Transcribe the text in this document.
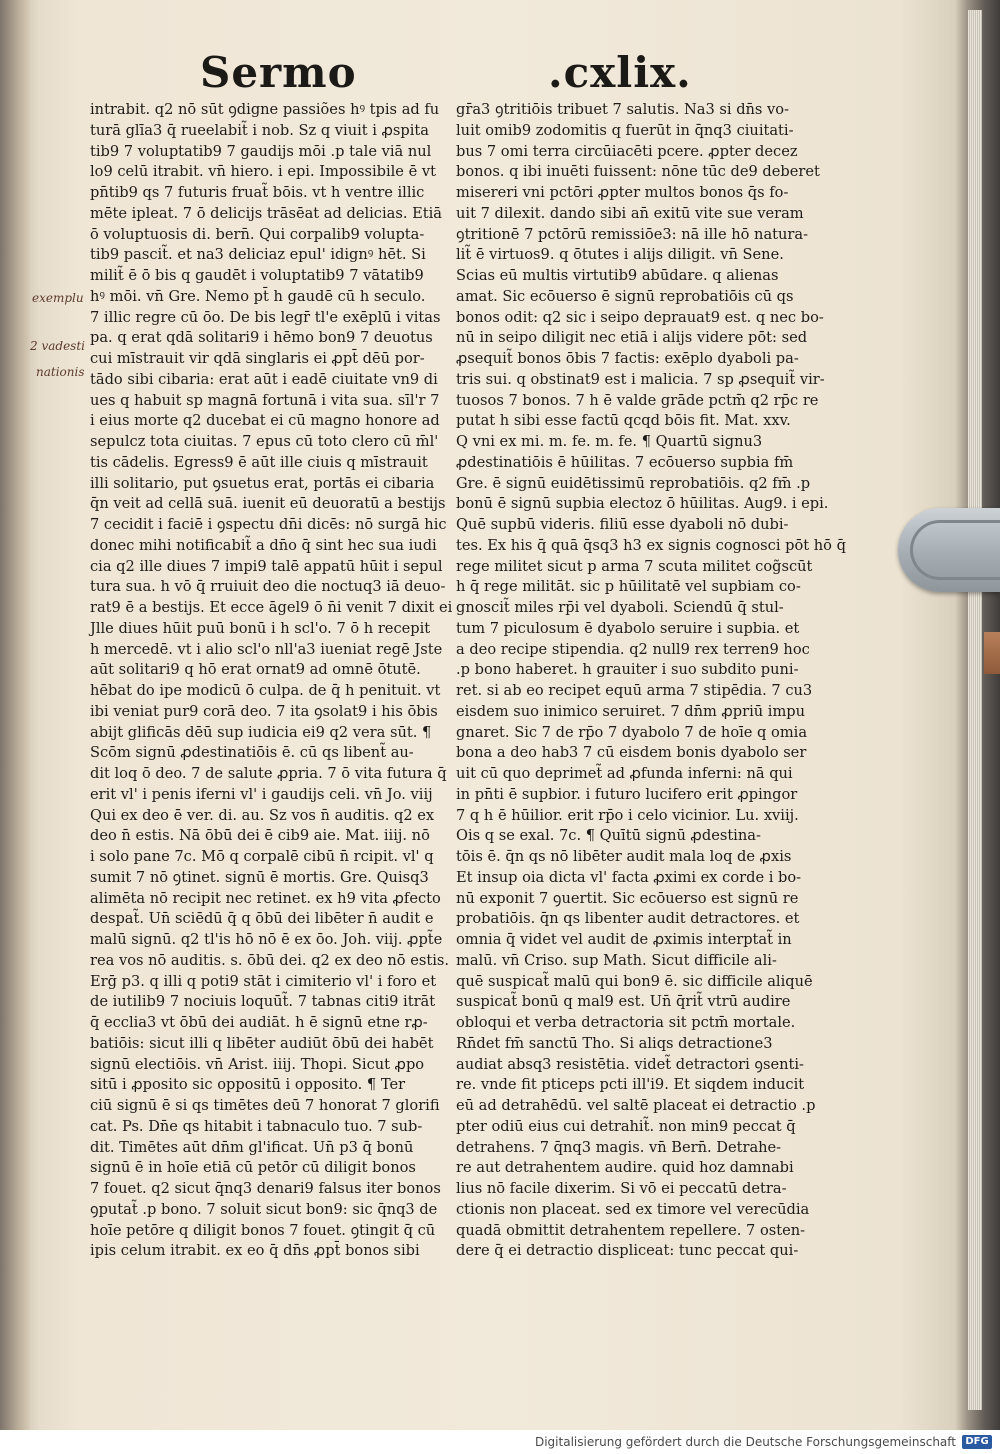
Sermo	.cxlix.
exemplu
2 vadesti
nationis
intrabit. q2 nō sūt ꝯdigne passiões hꝰ tpis ad fu
turā glīa3 q̄ rueelabit̃ i nob. Sz q viuit i ꝓspita
tib9 7 voluptatib9 7 gaudijs mōi .p tale viā nul
lo9 celū itrabit. vn̄ hiero. i epi. Impossibile ē vt
pn̄tib9 qs 7 futuris fruat̃ bōis. vt h ventre illic
mēte ipleat. 7 ō delicijs trāsēat ad delicias. Etiā
ō voluptuosis di. bern̄. Qui corpalib9 volupta-
tib9 pascit̃. et na3 deliciaz epul' idignꝰ hēt. Si
milit̃ ē ō bis q gaudēt i voluptatib9 7 vātatib9
hꝰ mōi. vn̄ Gre. Nemo pt̄ h gaudē cū h seculo.
7 illic regre cū ōo. De bis legr̄ tl'e exēplū i vitas
pa. q erat qdā solitari9 i hēmo bon9 7 deuotus
cui mīstrauit vir qdā singlaris ei ꝓpt̄ dēū por-
tādo sibi cibaria: erat aūt i eadē ciuitate vn9 di
ues q habuit sp magnā fortunā i vita sua. sīl'r 7
i eius morte q2 ducebat ei cū magno honore ad
sepulcz tota ciuitas. 7 epus cū toto clero cū m̄l'
tis cādelis. Egress9 ē aūt ille ciuis q mīstrauit
illi solitario, put ꝯsuetus erat, portās ei cibaria
q̄n veit ad cellā suā. iuenit eū deuoratū a bestijs
7 cecidit i faciē i ꝯspectu dn̄i dicēs: nō surgā hic
donec mihi notificabit̃ a dn̄o q̄ sint hec sua iudi
cia q2 ille diues 7 impi9 talē appatū hūit i sepul
tura sua. h vō q̄ rruiuit deo die noctuq3 iā deuo-
rat9 ē a bestijs. Et ecce āgel9 ō n̄i venit 7 dixit ei
Jlle diues hūit puū bonū i h scl'o. 7 ō h recepit
h mercedē. vt i alio scl'o nll'a3 iueniat regē Jste
aūt solitari9 q hō erat ornat9 ad omnē ōtutē.
hēbat do ipe modicū ō culpa. de q̄ h penituit. vt
ibi veniat pur9 corā deo. 7 ita ꝯsolat9 i his ōbis
abijt glificās dēū sup iudicia ei9 q2 vera sūt. ¶
Scōm signū ꝓdestinatiōis ē. cū qs libent̃ au-
dit loq ō deo. 7 de salute ꝓpria. 7 ō vita futura q̄
erit vl' i penis iferni vl' i gaudijs celi. vn̄ Jo. viij
Qui ex deo ē ver. di. au. Sz vos n̄ auditis. q2 ex
deo n̄ estis. Nā ōbū dei ē cib9 aie. Mat. iiij. nō
i solo pane 7c. Mō q corpalē cibū n̄ rcipit. vl' q
sumit 7 nō ꝯtinet. signū ē mortis. Gre. Quisq3
alimēta nō recipit nec retinet. ex h9 vita ꝓfecto
despat̃. Un̄ sciēdū q̄ q ōbū dei libēter n̄ audit e
malū signū. q2 tl'is hō nō ē ex ōo. Joh. viij. ꝓpt̃e
rea vos nō auditis. s. ōbū dei. q2 ex deo nō estis.
Erḡ p3. q illi q poti9 stāt i cimiterio vl' i foro et
de iutilib9 7 nociuis loquūt̃. 7 tabnas citi9 itrāt
q̄ ecclia3 vt ōbū dei audiāt. h ē signū etne rꝓ-
batiōis: sicut illi q libēter audiūt ōbū dei habēt
signū electiōis. vn̄ Arist. iiij. Thopi. Sicut ꝓpo
sitū i ꝓposito sic oppositū i opposito. ¶ Ter
ciū signū ē si qs timētes deū 7 honorat 7 glorifi
cat. Ps. Dn̄e qs hitabit i tabnaculo tuo. 7 sub-
dit. Timētes aūt dn̄m gl'ificat. Un̄ p3 q̄ bonū
signū ē in hoīe etiā cū petōr cū diligit bonos
7 fouet. q2 sicut q̄nq3 denari9 falsus iter bonos
ꝯputat̃ .p bono. 7 soluit sicut bon9: sic q̄nq3 de
hoīe petōre q diligit bonos 7 fouet. ꝯtingit q̄ cū
ipis celum itrabit. ex eo q̄ dn̄s ꝓpt̄ bonos sibi
gr̄a3 ꝯtritiōis tribuet 7 salutis. Na3 si dn̄s vo-
luit omib9 zodomitis q fuerūt in q̄nq3 ciuitati-
bus 7 omi terra circūiacēti pcere. ꝓpter decez
bonos. q ibi inuēti fuissent: nōne tūc de9 deberet
misereri vni pctōri ꝓpter multos bonos q̄s fo-
uit 7 dilexit. dando sibi an̄ exitū vite sue veram
ꝯtritionē 7 pctōrū remissiōe3: nā ille hō natura-
lit̃ ē virtuos9. q ōtutes i alijs diligit. vn̄ Sene.
Scias eū multis virtutib9 abūdare. q alienas
amat. Sic ecōuerso ē signū reprobatiōis cū qs
bonos odit: q2 sic i seipo deprauat9 est. q nec bo-
nū in seipo diligit nec etiā i alijs videre pōt: sed
ꝓsequit̃ bonos ōbis 7 factis: exēplo dyaboli pa-
tris sui. q obstinat9 est i malicia. 7 sp ꝓsequit̃ vir-
tuosos 7 bonos. 7 h ē valde grāde pctm̄ q2 rp̄c re
putat h sibi esse factū qcqd bōis fit. Mat. xxv.
Q vni ex mi. m. fe. m. fe. ¶ Quartū signu3
ꝓdestinatiōis ē hūilitas. 7 ecōuerso supbia fm̄
Gre. ē signū euidētissimū reprobatiōis. q2 fm̄ .p
bonū ē signū supbia electoz ō hūilitas. Aug9. i epi.
Quē supbū videris. filiū esse dyaboli nō dubi-
tes. Ex his q̄ quā q̄sq3 h3 ex signis cognosci pōt hō q̄
rege militet sicut p arma 7 scuta militet cog̃scūt
h q̄ rege militāt. sic p hūilitatē vel supbiam co-
gnoscit̃ miles rp̄i vel dyaboli. Sciendū q̄ stul-
tum 7 piculosum ē dyabolo seruire i supbia. et
a deo recipe stipendia. q2 null9 rex terren9 hoc
.p bono haberet. h grauiter i suo subdito puni-
ret. si ab eo recipet equū arma 7 stipēdia. 7 cu3
eisdem suo inimico seruiret. 7 dn̄m ꝓpriū impu
gnaret. Sic 7 de rp̄o 7 dyabolo 7 de hoīe q omia
bona a deo hab3 7 cū eisdem bonis dyabolo ser
uit cū quo deprimet̃ ad ꝓfunda inferni: nā qui
in pn̄ti ē supbior. i futuro lucifero erit ꝓpingor
7 q h ē hūilior. erit rp̄o i celo vicinior. Lu. xviij.
Ois q se exal. 7c. ¶ Quītū signū ꝓdestina-
tōis ē. q̄n qs nō libēter audit mala loq de ꝓxis
Et insup oia dicta vl' facta ꝓximi ex corde i bo-
nū exponit 7 ꝯuertit. Sic ecōuerso est signū re
probatiōis. q̄n qs libenter audit detractores. et
omnia q̄ videt vel audit de ꝓximis interptat̃ in
malū. vn̄ Criso. sup Math. Sicut difficile ali-
quē suspicat̃ malū qui bon9 ē. sic difficile aliquē
suspicat̃ bonū q mal9 est. Un̄ q̄rit̃ vtrū audire
obloqui et verba detractoria sit pctm̄ mortale.
Rn̄det fm̄ sanctū Tho. Si aliqs detractione3
audiat absq3 resistētia. videt̃ detractori ꝯsenti-
re. vnde fit pticeps pcti ill'i9. Et siqdem inducit
eū ad detrahēdū. vel saltē placeat ei detractio .p
pter odiū eius cui detrahit̃. non min9 peccat q̄
detrahens. 7 q̄nq3 magis. vn̄ Bern̄. Detrahe-
re aut detrahentem audire. quid hoz damnabi
lius nō facile dixerim. Si vō ei peccatū detra-
ctionis non placeat. sed ex timore vel verecūdia
quadā obmittit detrahentem repellere. 7 osten-
dere q̄ ei detractio displiceat: tunc peccat qui-
Digitalisierung gefördert durch die Deutsche Forschungsgemeinschaft DFG
